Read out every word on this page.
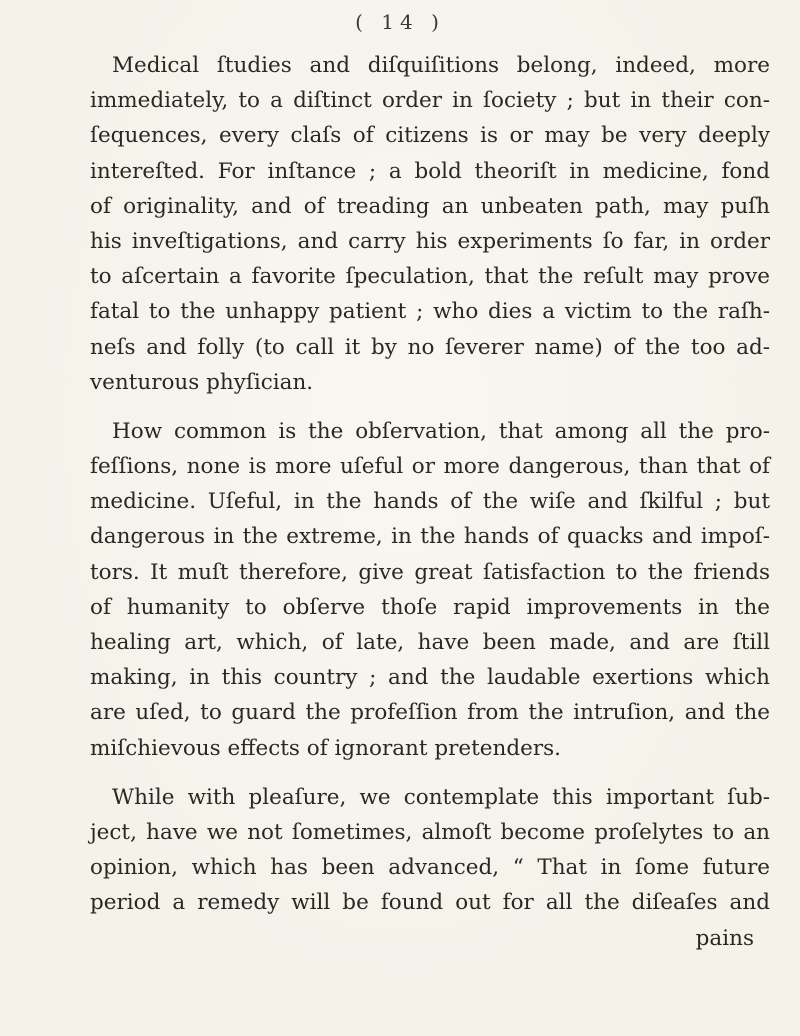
( 14 )
Medical ſtudies and diſquiſitions belong, indeed, more
immediately, to a diſtinct order in ſociety ; but in their con-
ſequences, every claſs of citizens is or may be very deeply
intereſted. For inſtance ; a bold theoriſt in medicine, fond
of originality, and of treading an unbeaten path, may puſh
his inveſtigations, and carry his experiments ſo far, in order
to aſcertain a favorite ſpeculation, that the reſult may prove
fatal to the unhappy patient ; who dies a victim to the raſh-
neſs and folly (to call it by no ſeverer name) of the too ad-
venturous phyſician.
How common is the obſervation, that among all the pro-
feſſions, none is more uſeful or more dangerous, than that of
medicine. Uſeful, in the hands of the wiſe and ſkilful ; but
dangerous in the extreme, in the hands of quacks and impoſ-
tors. It muſt therefore, give great ſatisfaction to the friends
of humanity to obſerve thoſe rapid improvements in the
healing art, which, of late, have been made, and are ſtill
making, in this country ; and the laudable exertions which
are uſed, to guard the profeſſion from the intruſion, and the
miſchievous effects of ignorant pretenders.
While with pleaſure, we contemplate this important ſub-
ject, have we not ſometimes, almoſt become proſelytes to an
opinion, which has been advanced, “ That in ſome future
period a remedy will be found out for all the diſeaſes and
pains
